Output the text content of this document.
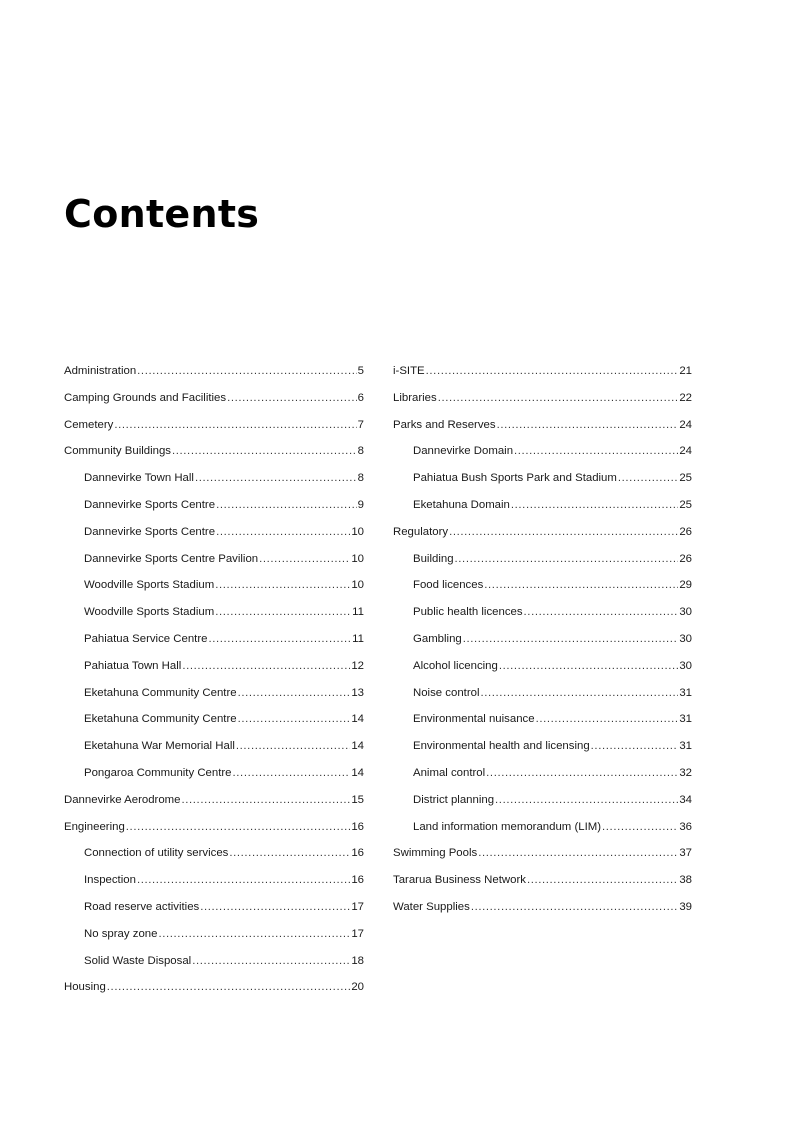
Contents
Administration .....	5
Camping Grounds and Facilities .....	6
Cemetery .....	7
Community Buildings .....	8
Dannevirke Town Hall .....	8
Dannevirke Sports Centre .....	9
Dannevirke Sports Centre .....	10
Dannevirke Sports Centre Pavilion .....	10
Woodville Sports Stadium .....	10
Woodville Sports Stadium .....	11
Pahiatua Service Centre .....	11
Pahiatua Town Hall .....	12
Eketahuna Community Centre .....	13
Eketahuna Community Centre .....	14
Eketahuna War Memorial Hall .....	14
Pongaroa Community Centre .....	14
Dannevirke Aerodrome .....	15
Engineering .....	16
Connection of utility services .....	16
Inspection .....	16
Road reserve activities .....	17
No spray zone .....	17
Solid Waste Disposal .....	18
Housing .....	20
i-SITE .....	21
Libraries .....	22
Parks and Reserves .....	24
Dannevirke Domain .....	24
Pahiatua Bush Sports Park and Stadium .....	25
Eketahuna Domain .....	25
Regulatory .....	26
Building .....	26
Food licences .....	29
Public health licences .....	30
Gambling .....	30
Alcohol licencing .....	30
Noise control .....	31
Environmental nuisance .....	31
Environmental health and licensing .....	31
Animal control .....	32
District planning .....	34
Land information memorandum (LIM) .....	36
Swimming Pools .....	37
Tararua Business Network .....	38
Water Supplies .....	39
